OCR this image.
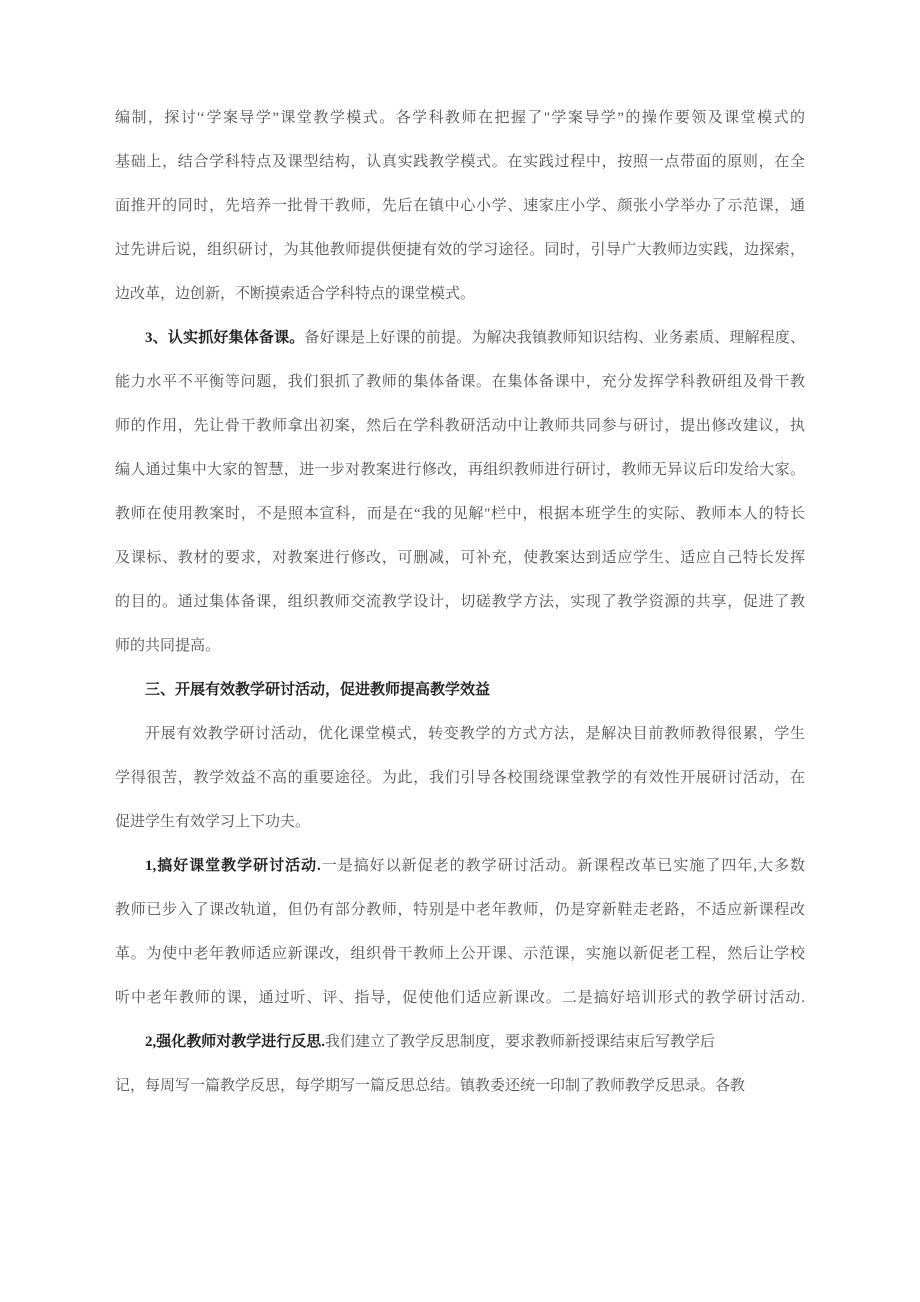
编制，探讨'‘学案导学”课堂教学模式。各学科教师在把握了"学案导学”的操作要领及课堂模式的
基础上，结合学科特点及课型结构，认真实践教学模式。在实践过程中，按照一点带面的原则，在全
面推开的同时，先培养一批骨干教师，先后在镇中心小学、速家庄小学、颜张小学举办了示范课，通
过先讲后说，组织研讨，为其他教师提供便捷有效的学习途径。同时，引导广大教师边实践，边探索，
边改革，边创新，不断摸索适合学科特点的课堂模式。
3、认实抓好集体备课。备好课是上好课的前提。为解决我镇教师知识结构、业务素质、理解程度、
能力水平不平衡等问题，我们狠抓了教师的集体备课。在集体备课中，充分发挥学科教研组及骨干教
师的作用，先让骨干教师拿出初案，然后在学科教研活动中让教师共同参与研讨，提出修改建议，执
编人通过集中大家的智慧，进一步对教案进行修改，再组织教师进行研讨，教师无异议后印发给大家。
教师在使用教案时，不是照本宣科，而是在“我的见解"栏中，根据本班学生的实际、教师本人的特长
及课标、教材的要求，对教案进行修改，可删减，可补充，使教案达到适应学生、适应自己特长发挥
的目的。通过集体备课，组织教师交流教学设计，切磋教学方法，实现了教学资源的共享，促进了教
师的共同提高。
三、开展有效教学研讨活动，促进教师提高教学效益
开展有效教学研讨活动，优化课堂模式，转变教学的方式方法，是解决目前教师教得很累，学生
学得很苦，教学效益不高的重要途径。为此，我们引导各校围绕课堂教学的有效性开展研讨活动，在
促进学生有效学习上下功夫。
1,搞好课堂教学研讨活动.一是搞好以新促老的教学研讨活动。新课程改革已实施了四年,大多数
教师已步入了课改轨道，但仍有部分教师，特别是中老年教师，仍是穿新鞋走老路，不适应新课程改
革。为使中老年教师适应新课改，组织骨干教师上公开课、示范课，实施以新促老工程，然后让学校
听中老年教师的课，通过听、评、指导，促使他们适应新课改。二是搞好培训形式的教学研讨活动.
2,强化教师对教学进行反思.我们建立了教学反思制度，要求教师新授课结束后写教学后
记，每周写一篇教学反思，每学期写一篇反思总结。镇教委还统一印制了教师教学反思录。各教
